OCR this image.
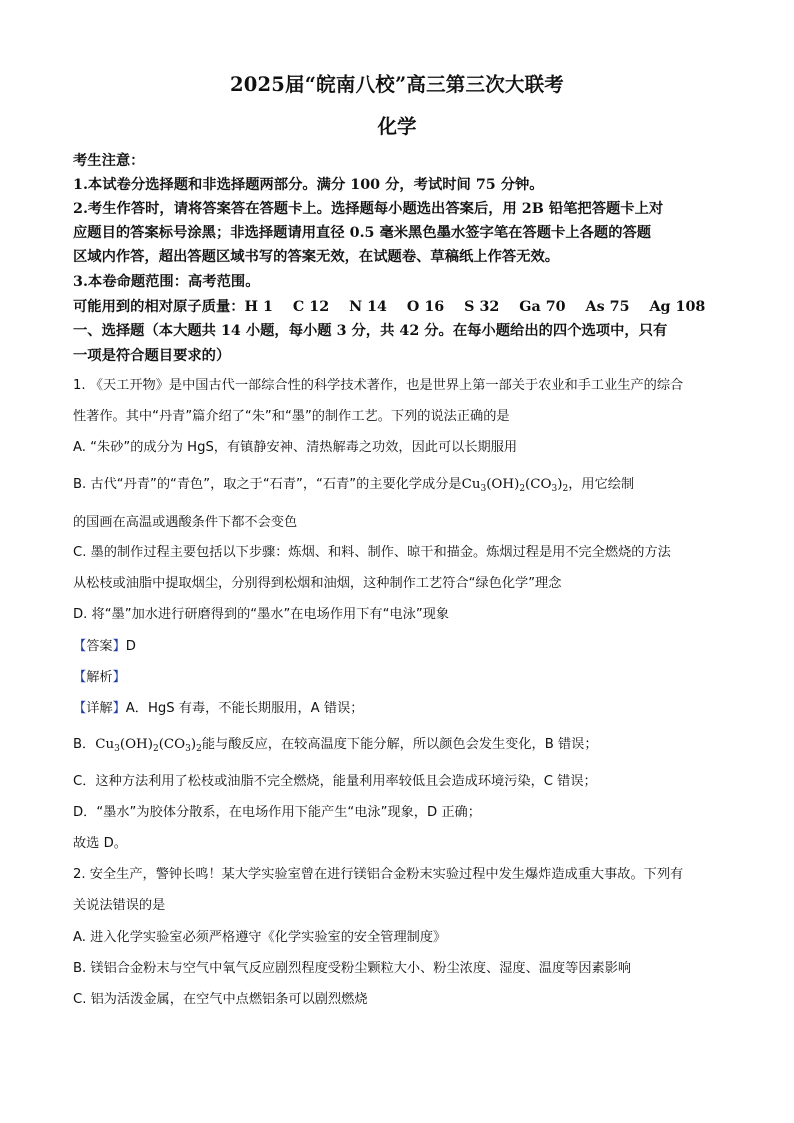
2025届“皖南八校”高三第三次大联考
化学
考生注意：
1.本试卷分选择题和非选择题两部分。满分 100 分，考试时间 75 分钟。
2.考生作答时，请将答案答在答题卡上。选择题每小题选出答案后，用 2B 铅笔把答题卡上对
应题目的答案标号涂黑；非选择题请用直径 0.5 毫米黑色墨水签字笔在答题卡上各题的答题
区域内作答，超出答题区域书写的答案无效，在试题卷、草稿纸上作答无效。
3.本卷命题范围：高考范围。
可能用到的相对原子质量：H 1    C 12    N 14    O 16    S 32    Ga 70    As 75    Ag 108
一、选择题（本大题共 14 小题，每小题 3 分，共 42 分。在每小题给出的四个选项中，只有
一项是符合题目要求的）
1. 《天工开物》是中国古代一部综合性的科学技术著作，也是世界上第一部关于农业和手工业生产的综合
性著作。其中“丹青”篇介绍了“朱”和“墨”的制作工艺。下列的说法正确的是
A. “朱砂”的成分为 HgS，有镇静安神、清热解毒之功效，因此可以长期服用
B. 古代“丹青”的“青色”，取之于“石青”，“石青”的主要化学成分是$Cu_3(OH)_2(CO_3)_2$，用它绘制
的国画在高温或遇酸条件下都不会变色
C. 墨的制作过程主要包括以下步骤：炼烟、和料、制作、晾干和描金。炼烟过程是用不完全燃烧的方法
从松枝或油脂中提取烟尘，分别得到松烟和油烟，这种制作工艺符合“绿色化学”理念
D. 将“墨”加水进行研磨得到的“墨水”在电场作用下有“电泳”现象
【答案】D
【解析】
【详解】A．HgS 有毒，不能长期服用，A 错误；
B．$Cu_3(OH)_2(CO_3)_2$能与酸反应，在较高温度下能分解，所以颜色会发生变化，B 错误；
C．这种方法利用了松枝或油脂不完全燃烧，能量利用率较低且会造成环境污染，C 错误；
D．“墨水”为胶体分散系，在电场作用下能产生“电泳”现象，D 正确；
故选 D。
2. 安全生产，警钟长鸣！某大学实验室曾在进行镁铝合金粉末实验过程中发生爆炸造成重大事故。下列有
关说法错误的是
A. 进入化学实验室必须严格遵守《化学实验室的安全管理制度》
B. 镁铝合金粉末与空气中氧气反应剧烈程度受粉尘颗粒大小、粉尘浓度、湿度、温度等因素影响
C. 铝为活泼金属，在空气中点燃铝条可以剧烈燃烧
